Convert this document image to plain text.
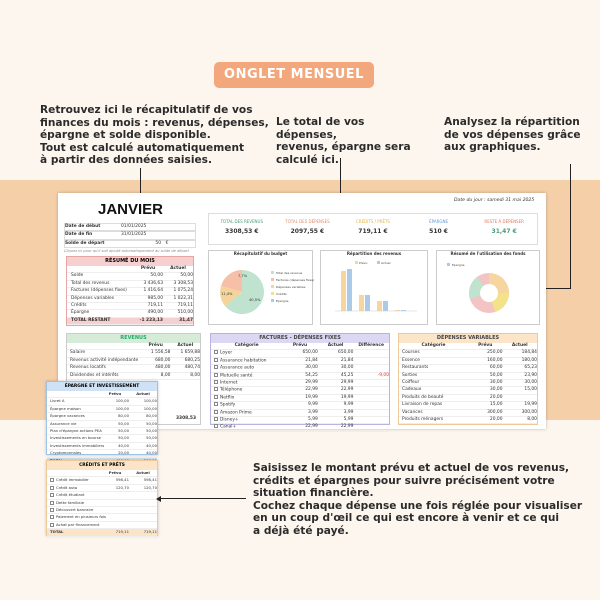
ONGLET MENSUEL
Retrouvez ici le récapitulatif de vos
finances du mois : revenus, dépenses,
épargne et solde disponible.
Tout est calculé automatiquement
à partir des données saisies.
Le total de vos dépenses,
revenus, épargne sera
calculé ici.
Analysez la répartition
de vos dépenses grâce
aux graphiques.
JANVIER
Date du jour : samedi 31 mai 2025
Date de début	01/01/2025
Date de fin	31/01/2025
Solde de départ	50	€
Cliquez ici pour qu'il soit ajouté automatiquement au solde de départ
TOTAL DES REVENUS
3308,53 €
TOTAL DES DÉPENSES
2097,55 €
CRÉDITS / PRÊTS
719,11 €
ÉPARGNE
510 €
RESTE À DÉPENSER
31,47 €
RÉSUMÉ DU MOIS
Prévu	Actuel
Solde	50,00	50,00
Total des revenus	3 436,63	3 308,53
Factures (dépenses fixes)	1 416,64	1 075,24
Dépenses variables	985,00	1 022,31
Crédits	719,11	719,11
Épargne	490,00	510,00
TOTAL RESTANT	-1 223,13	31,47
Récapitulatif du budget
7,7%
11,4%
40,5%
Total des revenus
Factures (dépenses fixes)
Dépenses variables
Crédits
Épargne
Répartition des revenus
Prévu	Actuel
Résumé de l'utilisation des fonds
Épargne
REVENUS
Prévu	Actuel
Salaire	1 556,58	1 659,88
Revenus activité indépendante	680,00	680,25
Revenus locatifs	480,00	480,74
Dividendes et intérêts	8,00	8,00
3308,53
FACTURES - DÉPENSES FIXES
Catégorie	Prévu	Actuel	Différence
Loyer	650,00	650,00
Assurance habitation	21,84	21,84
Assurance auto	30,00	30,00
Mutuelle santé	54,25	45,25	-9,00
Internet	29,99	29,99
Téléphone	22,99	22,99
Netflix	19,99	19,99
Spotify	9,99	9,99
Amazon Prime	3,99	3,99
Disney+	5,99	5,99
Canal+	22,99	22,99
DÉPENSES VARIABLES
Catégorie	Prévu	Actuel
Courses	250,00	184,84
Essence	160,00	180,00
Restaurants	60,00	65,23
Sorties	50,00	23,90
Coiffeur	30,00	30,00
Cadeaux	30,00	15,00
Produits de beauté	20,00
Livraison de repas	15,00	19,99
Vacances	300,00	300,00
Produits ménagers	20,00	8,00
ÉPARGNE ET INVESTISSEMENT
Prévu	Actuel
Livret A	100,00	100,00
Épargne maison	100,00	100,00
Épargne vacances	80,00	80,00
Assurance vie	50,00	50,00
Plan d'épargne actions PEA	50,00	50,00
Investissements en bourse	50,00	50,00
Investissements immobiliers	40,00	40,00
Cryptomonnaies	20,00	40,00
CRÉDITS ET PRÊTS
Prévu	Actuel
Crédit immobilier	598,41	598,41
Crédit auto	120,70	120,70
Crédit étudiant
Dette familiale
Découvert bancaire
Paiement en plusieurs fois
Achat par financement
TOTAL	719,11	719,11
Saisissez le montant prévu et actuel de vos revenus,
crédits et épargnes pour suivre précisément votre
situation financière.
Cochez chaque dépense une fois réglée pour visualiser
en un coup d'œil ce qui est encore à venir et ce qui
a déjà été payé.
